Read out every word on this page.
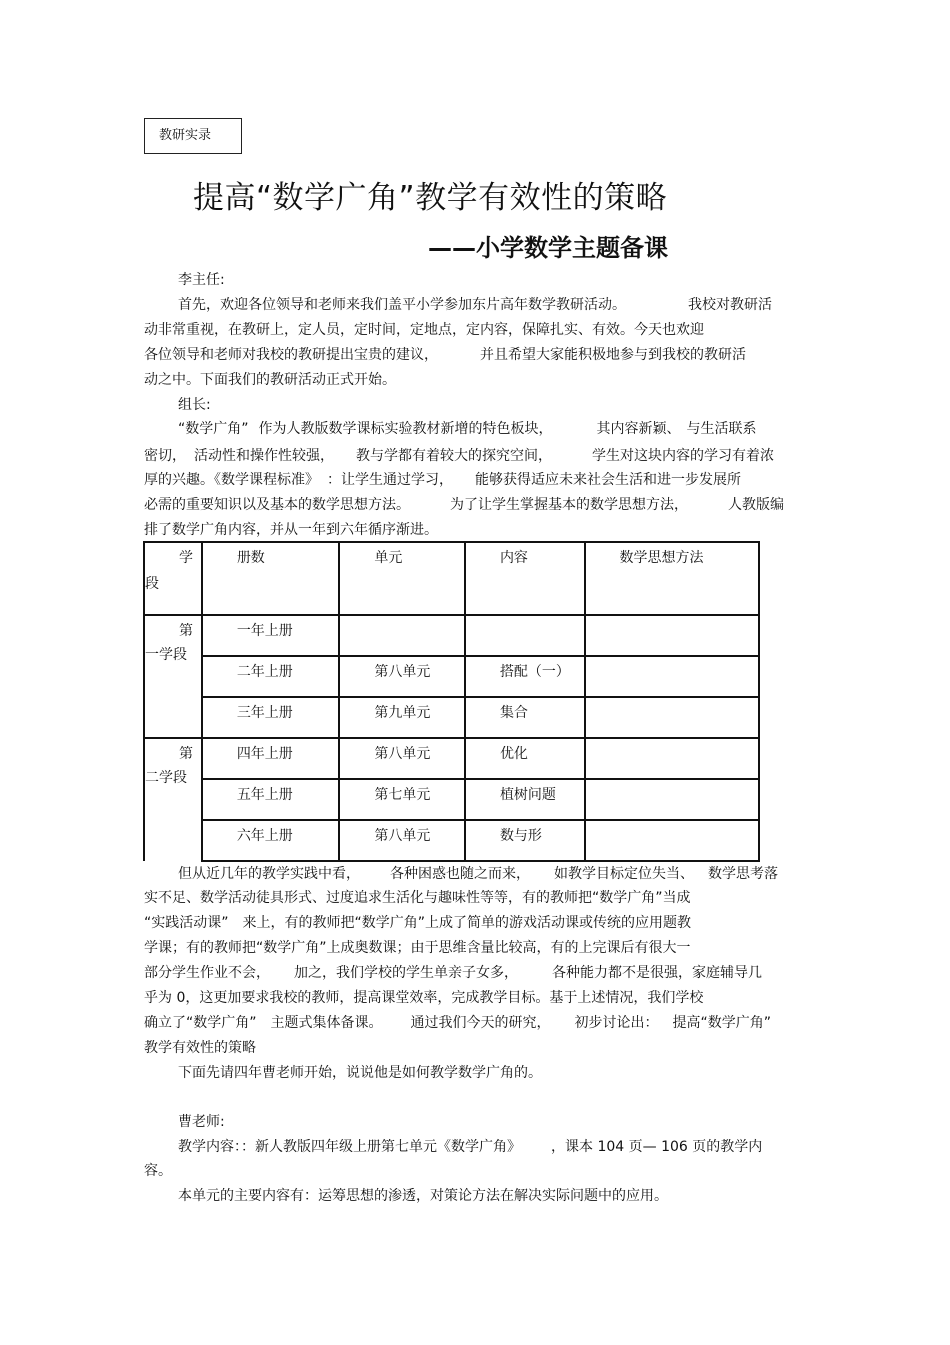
教研实录
提高“数学广角”教学有效性的策略
——小学数学主题备课
李主任:
首先，欢迎各位领导和老师来我们盖平小学参加东片高年数学教研活动。	我校对教研活
动非常重视，在教研上，定人员，定时间，定地点，定内容，保障扎实、有效。今天也欢迎
各位领导和老师对我校的教研提出宝贵的建议，	并且希望大家能积极地参与到我校的教研活
动之中。下面我们的教研活动正式开始。
组长:
“数学广角” 作为人教版数学课标实验教材新增的特色板块，	其内容新颖、 与生活联系
密切， 活动性和操作性较强， 教与学都有着较大的探究空间，	学生对这块内容的学习有着浓
厚的兴趣。《数学课程标准》 ：让学生通过学习， 能够获得适应未来社会生活和进一步发展所
必需的重要知识以及基本的数学思想方法。	为了让学生掌握基本的数学思想方法，	人教版编
排了数学广角内容，并从一年到六年循序渐进。
学
段	册数	单元	内容	数学思想方法

第
一学段	一年上册			

	二年上册	第八单元	搭配（一）	

	三年上册	第九单元	集合	

第
二学段	四年上册	第八单元	优化	

	五年上册	第七单元	植树问题	

	六年上册	第八单元	数与形	

但从近几年的教学实践中看， 各种困惑也随之而来， 如教学目标定位失当、 数学思考落
实不足、数学活动徒具形式、过度追求生活化与趣味性等等，有的教师把“数学广角”当成
“实践活动课” 来上，有的教师把“数学广角”上成了简单的游戏活动课或传统的应用题教
学课；有的教师把“数学广角”上成奥数课；由于思维含量比较高，有的上完课后有很大一
部分学生作业不会， 加之，我们学校的学生单亲子女多， 各种能力都不是很强，家庭辅导几
乎为 0，这更加要求我校的教师，提高课堂效率，完成教学目标。基于上述情况，我们学校
确立了“数学广角” 主题式集体备课。 通过我们今天的研究， 初步讨论出： 提高“数学广角”
教学有效性的策略
下面先请四年曹老师开始，说说他是如何教学数学广角的。
曹老师:
教学内容：：新人教版四年级上册第七单元《数学广角》 ，课本 104 页— 106 页的教学内
容。
本单元的主要内容有：运筹思想的渗透，对策论方法在解决实际问题中的应用。
